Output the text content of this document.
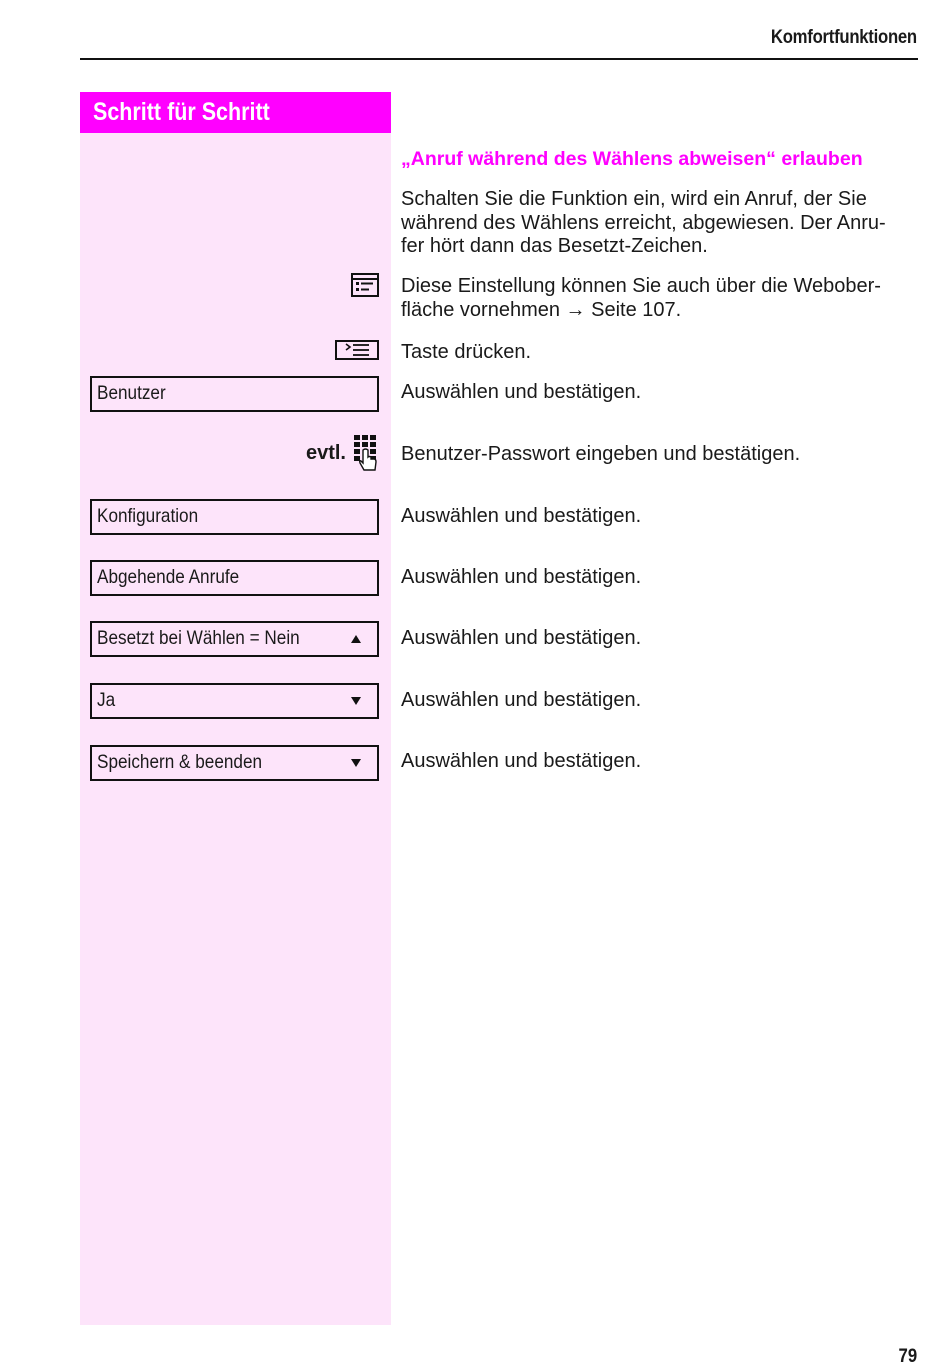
Komfortfunktionen
Schritt für Schritt
„Anruf während des Wählens abweisen“ erlauben
Schalten Sie die Funktion ein, wird ein Anruf, der Sie
während des Wählens erreicht, abgewiesen. Der Anru-
fer hört dann das Besetzt-Zeichen.
Diese Einstellung können Sie auch über die Webober-
fläche vornehmen → Seite 107.
Taste drücken.
Benutzer	Auswählen und bestätigen.
evtl.	Benutzer-Passwort eingeben und bestätigen.
Konfiguration	Auswählen und bestätigen.
Abgehende Anrufe	Auswählen und bestätigen.
Besetzt bei Wählen = Nein	Auswählen und bestätigen.
Ja	Auswählen und bestätigen.
Speichern & beenden	Auswählen und bestätigen.
79
